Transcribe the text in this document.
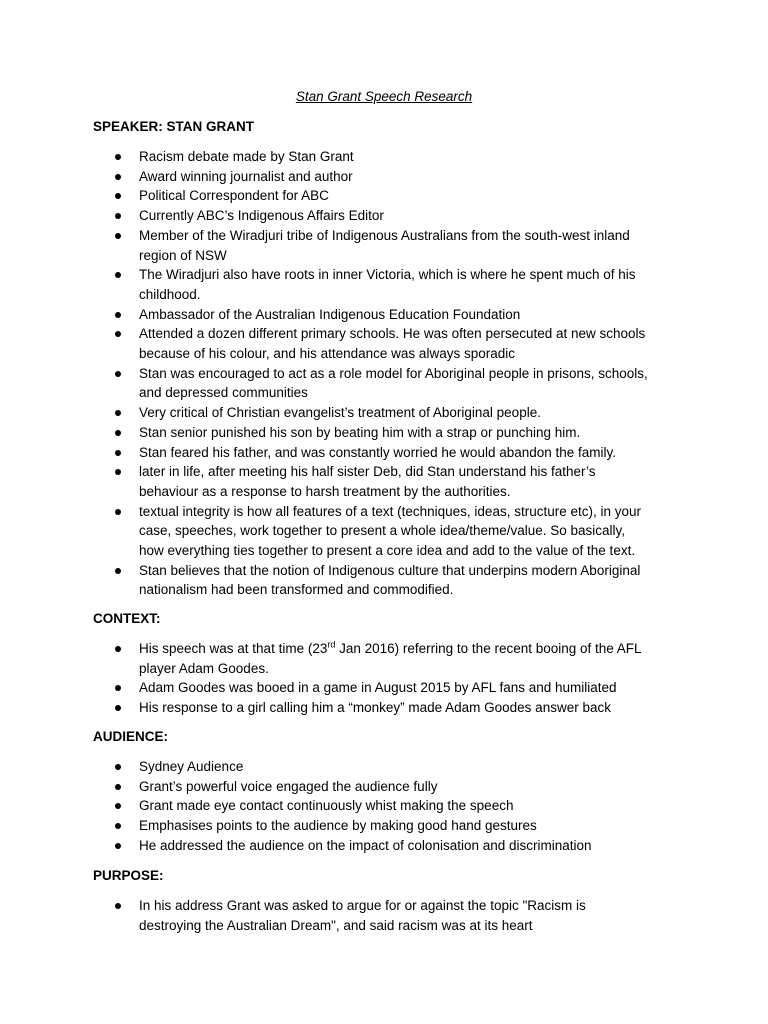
Stan Grant Speech Research

SPEAKER: STAN GRANT

Racism debate made by Stan Grant
Award winning journalist and author
Political Correspondent for ABC
Currently ABC’s Indigenous Affairs Editor
Member of the Wiradjuri tribe of Indigenous Australians from the south-west inland region of NSW
The Wiradjuri also have roots in inner Victoria, which is where he spent much of his childhood.
Ambassador of the Australian Indigenous Education Foundation
Attended a dozen different primary schools. He was often persecuted at new schools because of his colour, and his attendance was always sporadic
Stan was encouraged to act as a role model for Aboriginal people in prisons, schools, and depressed communities
Very critical of Christian evangelist’s treatment of Aboriginal people.
Stan senior punished his son by beating him with a strap or punching him.
Stan feared his father, and was constantly worried he would abandon the family.
later in life, after meeting his half sister Deb, did Stan understand his father’s behaviour as a response to harsh treatment by the authorities.
textual integrity is how all features of a text (techniques, ideas, structure etc), in your case, speeches, work together to present a whole idea/theme/value. So basically, how everything ties together to present a core idea and add to the value of the text.
Stan believes that the notion of Indigenous culture that underpins modern Aboriginal nationalism had been transformed and commodified.

CONTEXT:

His speech was at that time (23rd Jan 2016) referring to the recent booing of the AFL player Adam Goodes.
Adam Goodes was booed in a game in August 2015 by AFL fans and humiliated
His response to a girl calling him a “monkey” made Adam Goodes answer back

AUDIENCE:

Sydney Audience
Grant’s powerful voice engaged the audience fully
Grant made eye contact continuously whist making the speech
Emphasises points to the audience by making good hand gestures
He addressed the audience on the impact of colonisation and discrimination

PURPOSE:

In his address Grant was asked to argue for or against the topic "Racism is destroying the Australian Dream", and said racism was at its heart
